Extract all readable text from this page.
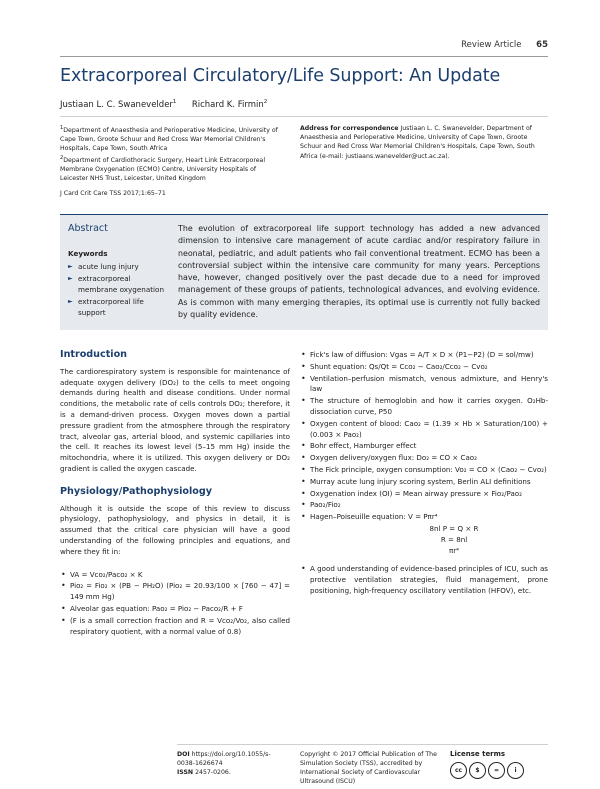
Review Article 65
Extracorporeal Circulatory/Life Support: An Update
Justiaan L. C. Swanevelder$^1$ Richard K. Firmin$^2$

$^1$Department of Anaesthesia and Perioperative Medicine, University of Cape Town, Groote Schuur and Red Cross War Memorial Children's Hospitals, Cape Town, South Africa

$^2$Department of Cardiothoracic Surgery, Heart Link Extracorporeal Membrane Oxygenation (ECMO) Centre, University Hospitals of Leicester NHS Trust, Leicester, United Kingdom

Address for correspondence Justiaan L. C. Swanevelder, Department of Anaesthesia and Perioperative Medicine, University of Cape Town, Groote Schuur and Red Cross War Memorial Children's Hospitals, Cape Town, South Africa (e-mail: justiaans.wanevelder@uct.ac.za).
J Card Crit Care TSS 2017;1:65–71
Abstract
Keywords
► acute lung injury
► extracorporeal membrane oxygenation
► extracorporeal life support
The evolution of extracorporeal life support technology has added a new advanced dimension to intensive care management of acute cardiac and/or respiratory failure in neonatal, pediatric, and adult patients who fail conventional treatment. ECMO has been a controversial subject within the intensive care community for many years. Perceptions have, however, changed positively over the past decade due to a need for improved management of these groups of patients, technological advances, and evolving evidence. As is common with many emerging therapies, its optimal use is currently not fully backed by quality evidence.
Introduction

The cardiorespiratory system is responsible for maintenance of adequate oxygen delivery (DO₂) to the cells to meet ongoing demands during health and disease conditions. Under normal conditions, the metabolic rate of cells controls DO₂; therefore, it is a demand-driven process. Oxygen moves down a partial pressure gradient from the atmosphere through the respiratory tract, alveolar gas, arterial blood, and systemic capillaries into the cell. It reaches its lowest level (5–15 mm Hg) inside the mitochondria, where it is utilized. This oxygen delivery or DO₂ gradient is called the oxygen cascade.

Physiology/Pathophysiology

Although it is outside the scope of this review to discuss physiology, pathophysiology, and physics in detail, it is assumed that the critical care physician will have a good understanding of the following principles and equations, and where they fit in:

• VA = Vco₂/Paco₂ × K
• Pio₂ = Fio₂ × (PB − PH₂O) (Pio₂ = 20.93/100 × [760 − 47] = 149 mm Hg)
• Alveolar gas equation: Pao₂ = Pio₂ − Paco₂/R + F
• (F is a small correction fraction and R = Vco₂/Vo₂, also called respiratory quotient, with a normal value of 0.8)
• Fick's law of diffusion: Vgas = A/T × D × (P1−P2) (D = sol/mw)
• Shunt equation: Qs/Qt = Cco₂ − Cao₂/Cco₂ − Cvo₂
• Ventilation–perfusion mismatch, venous admixture, and Henry's law
• The structure of hemoglobin and how it carries oxygen. O₂Hb-dissociation curve, P50
• Oxygen content of blood: Cao₂ = (1.39 × Hb × Saturation/100) + (0.003 × Pao₂)
• Bohr effect, Hamburger effect
• Oxygen delivery/oxygen flux: Do₂ = CO × Cao₂
• The Fick principle, oxygen consumption: Vo₂ = CO × (Cao₂ − Cvo₂)
• Murray acute lung injury scoring system, Berlin ALI definitions
• Oxygenation index (OI) = Mean airway pressure × Fio₂/Pao₂
• Pao₂/Fio₂
• Hagen–Poiseuille equation: V = Pπr⁴
8nl P = Q × R
R = 8nl
πr⁴
• A good understanding of evidence-based principles of ICU, such as protective ventilation strategies, fluid management, prone positioning, high-frequency oscillatory ventilation (HFOV), etc.
DOI https://doi.org/10.1055/s-0038-1626674
ISSN 2457-0206.
Copyright © 2017 Official Publication of The Simulation Society (TSS), accredited by International Society of Cardiovascular Ultrasound (ISCU)
License terms
cc	$	=	i
